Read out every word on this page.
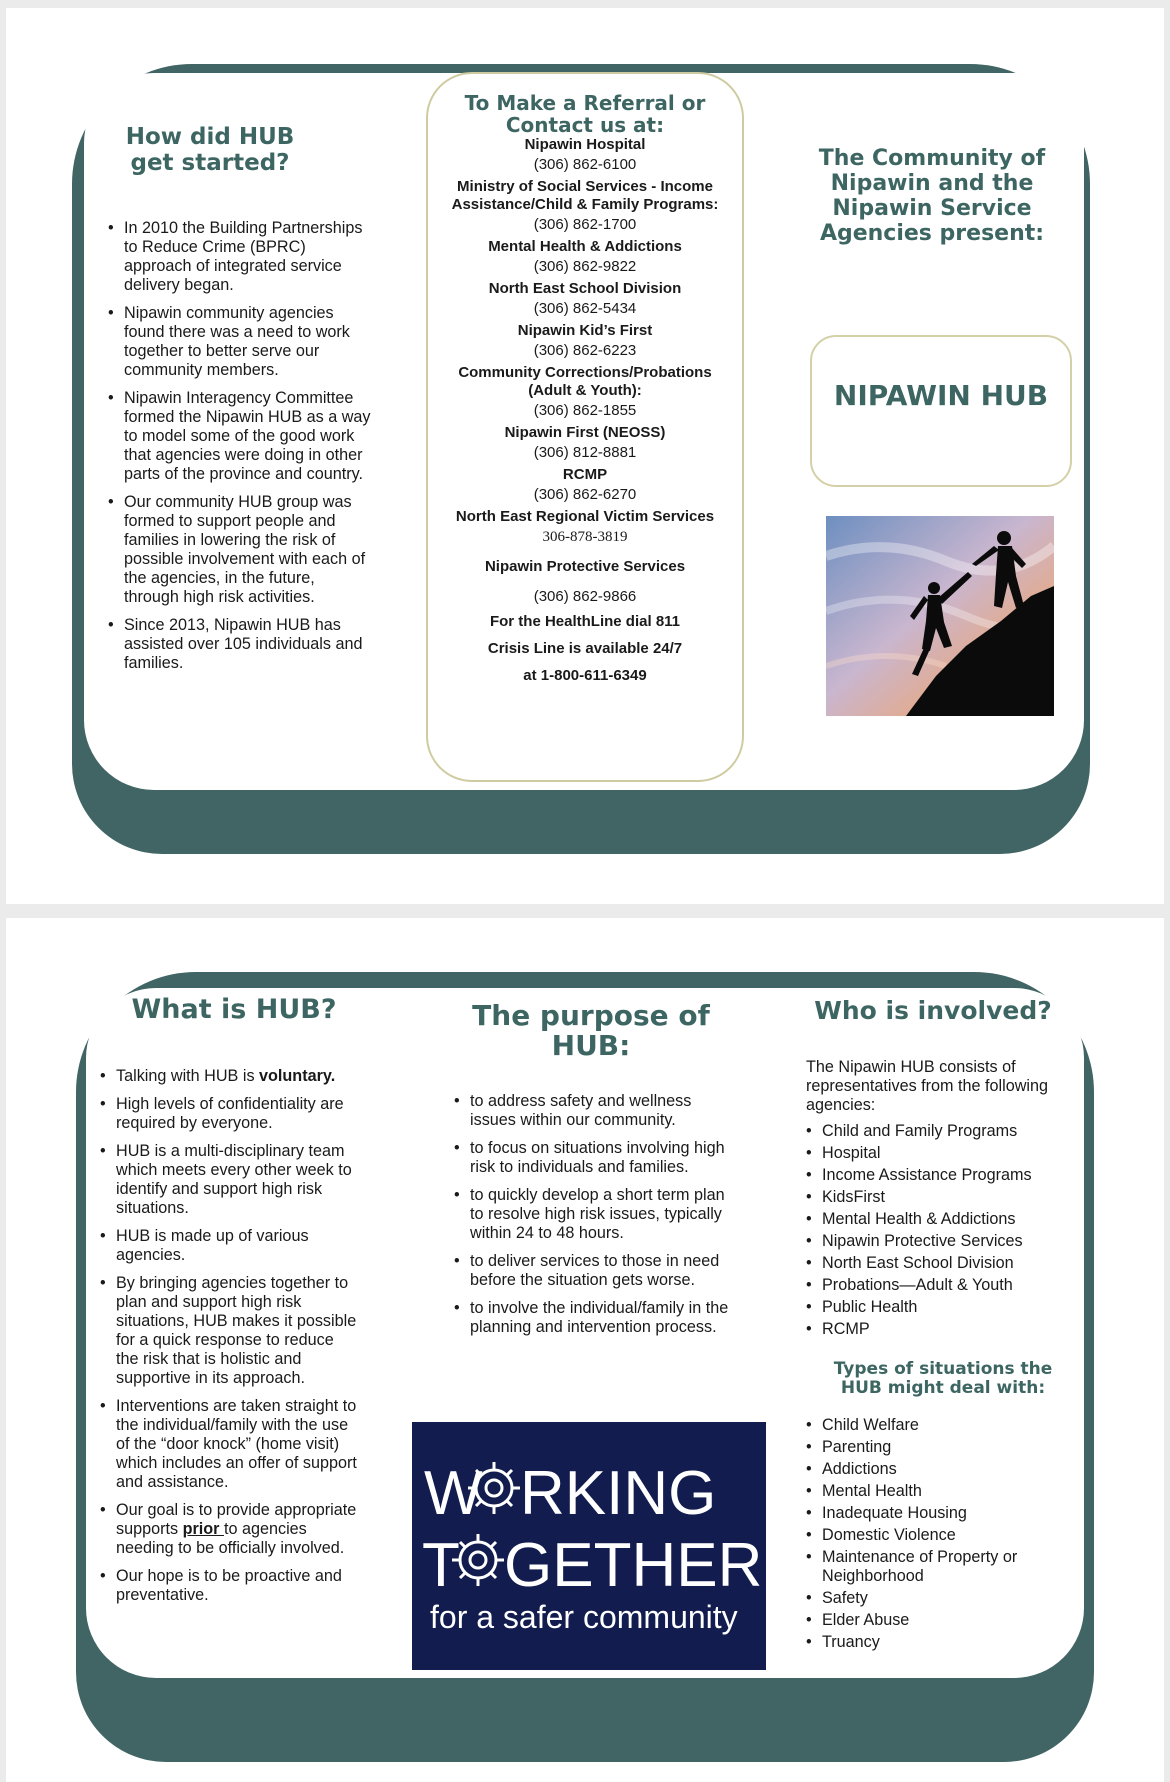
How did HUB get started?
• In 2010 the Building Partnerships to Reduce Crime (BPRC) approach of integrated service delivery began.
• Nipawin community agencies found there was a need to work together to better serve our community members.
• Nipawin Interagency Committee formed the Nipawin HUB as a way to model some of the good work that agencies were doing in other parts of the province and country.
• Our community HUB group was formed to support people and families in lowering the risk of possible involvement with each of the agencies, in the future, through high risk activities.
• Since 2013, Nipawin HUB has assisted over 105 individuals and families.
To Make a Referral or Contact us at:
Nipawin Hospital
(306) 862-6100
Ministry of Social Services - Income Assistance/Child & Family Programs:
(306) 862-1700
Mental Health & Addictions
(306) 862-9822
North East School Division
(306) 862-5434
Nipawin Kid’s First
(306) 862-6223
Community Corrections/Probations (Adult & Youth):
(306) 862-1855
Nipawin First (NEOSS)
(306) 812-8881
RCMP
(306) 862-6270
North East Regional Victim Services
306-878-3819
Nipawin Protective Services
(306) 862-9866
For the HealthLine dial 811
Crisis Line is available 24/7
at 1-800-611-6349
The Community of Nipawin and the Nipawin Service Agencies present:
NIPAWIN HUB
What is HUB?
• Talking with HUB is voluntary.
• High levels of confidentiality are required by everyone.
• HUB is a multi-disciplinary team which meets every other week to identify and support high risk situations.
• HUB is made up of various agencies.
• By bringing agencies together to plan and support high risk situations, HUB makes it possible for a quick response to reduce the risk that is holistic and supportive in its approach.
• Interventions are taken straight to the individual/family with the use of the “door knock” (home visit) which includes an offer of support and assistance.
• Our goal is to provide appropriate supports prior to agencies needing to be officially involved.
• Our hope is to be proactive and preventative.
The purpose of HUB:
• to address safety and wellness issues within our community.
• to focus on situations involving high risk to individuals and families.
• to quickly develop a short term plan to resolve high risk issues, typically within 24 to 48 hours.
• to deliver services to those in need before the situation gets worse.
• to involve the individual/family in the planning and intervention process.
W RKING
T GETHER
for a safer community
Who is involved?

The Nipawin HUB consists of representatives from the following agencies:

• Child and Family Programs
• Hospital
• Income Assistance Programs
• KidsFirst
• Mental Health & Addictions
• Nipawin Protective Services
• North East School Division
• Probations—Adult & Youth
• Public Health
• RCMP
Types of situations the HUB might deal with:
• Child Welfare
• Parenting
• Addictions
• Mental Health
• Inadequate Housing
• Domestic Violence
• Maintenance of Property or Neighborhood
• Safety
• Elder Abuse
• Truancy
